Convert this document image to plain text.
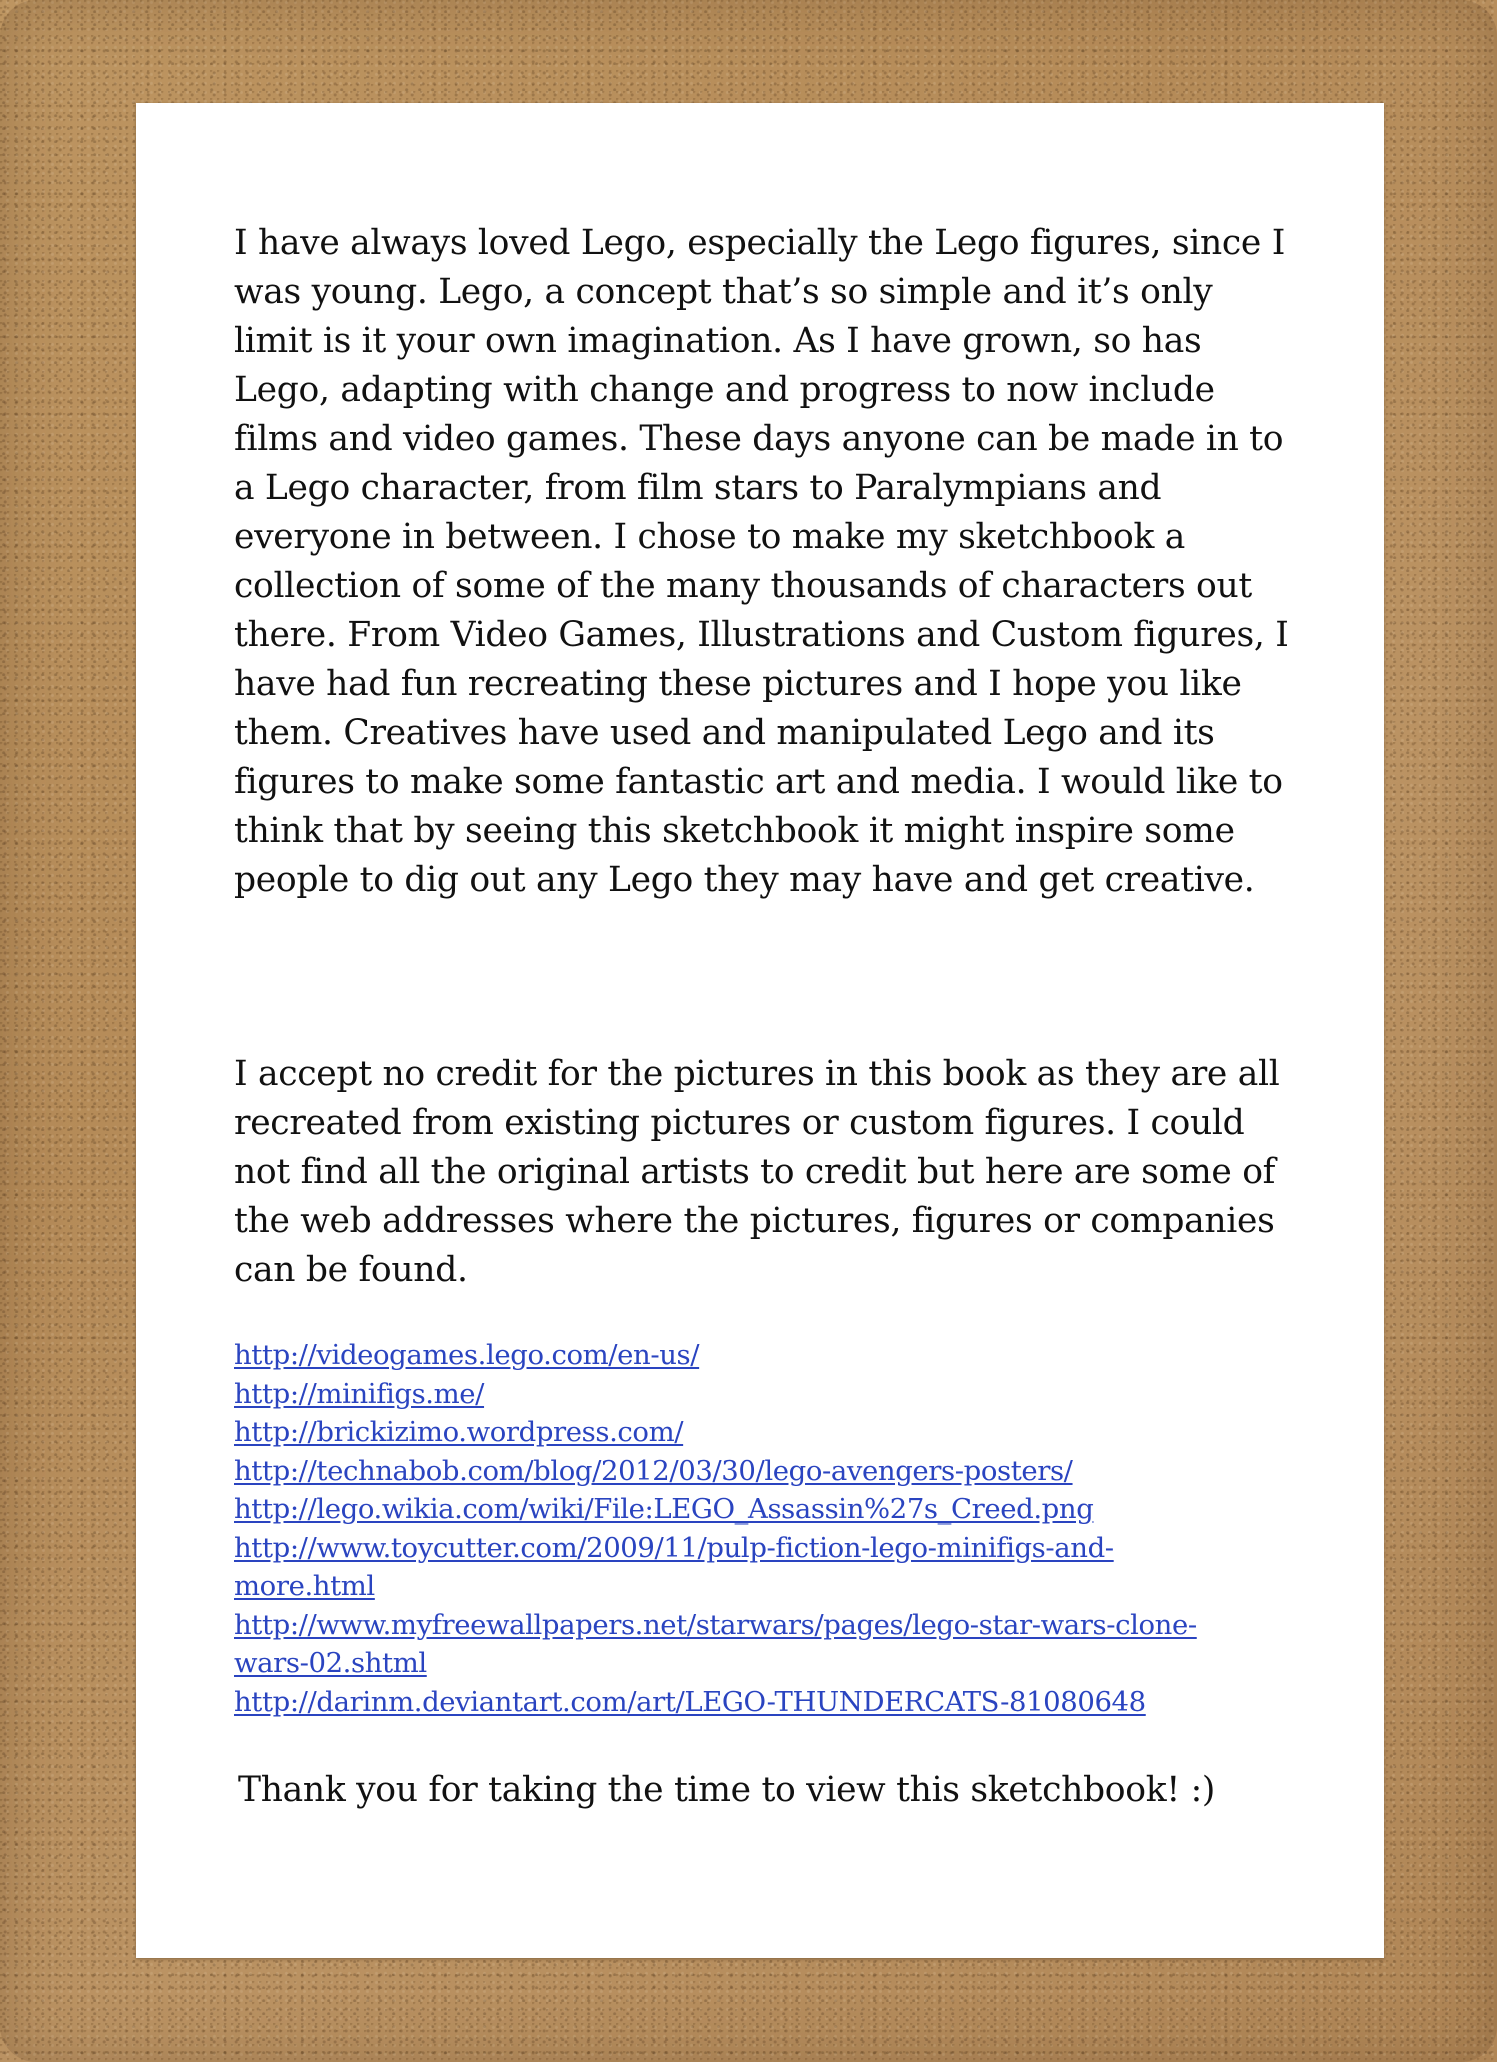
I have always loved Lego, especially the Lego figures, since I was young. Lego, a concept that’s so simple and it’s only limit is it your own imagination. As I have grown, so has Lego, adapting with change and progress to now include films and video games. These days anyone can be made in to a Lego character, from film stars to Paralympians and everyone in between. I chose to make my sketchbook a collection of some of the many thousands of characters out there. From Video Games, Illustrations and Custom figures, I have had fun recreating these pictures and I hope you like them. Creatives have used and manipulated Lego and its figures to make some fantastic art and media. I would like to think that by seeing this sketchbook it might inspire some people to dig out any Lego they may have and get creative.

I accept no credit for the pictures in this book as they are all recreated from existing pictures or custom figures. I could not find all the original artists to credit but here are some of the web addresses where the pictures, figures or companies can be found.

http://videogames.lego.com/en-us/
http://minifigs.me/
http://brickizimo.wordpress.com/
http://technabob.com/blog/2012/03/30/lego-avengers-posters/
http://lego.wikia.com/wiki/File:LEGO_Assassin%27s_Creed.png
http://www.toycutter.com/2009/11/pulp-fiction-lego-minifigs-and-more.html
http://www.myfreewallpapers.net/starwars/pages/lego-star-wars-clone-wars-02.shtml
http://darinm.deviantart.com/art/LEGO-THUNDERCATS-81080648

Thank you for taking the time to view this sketchbook! :)
